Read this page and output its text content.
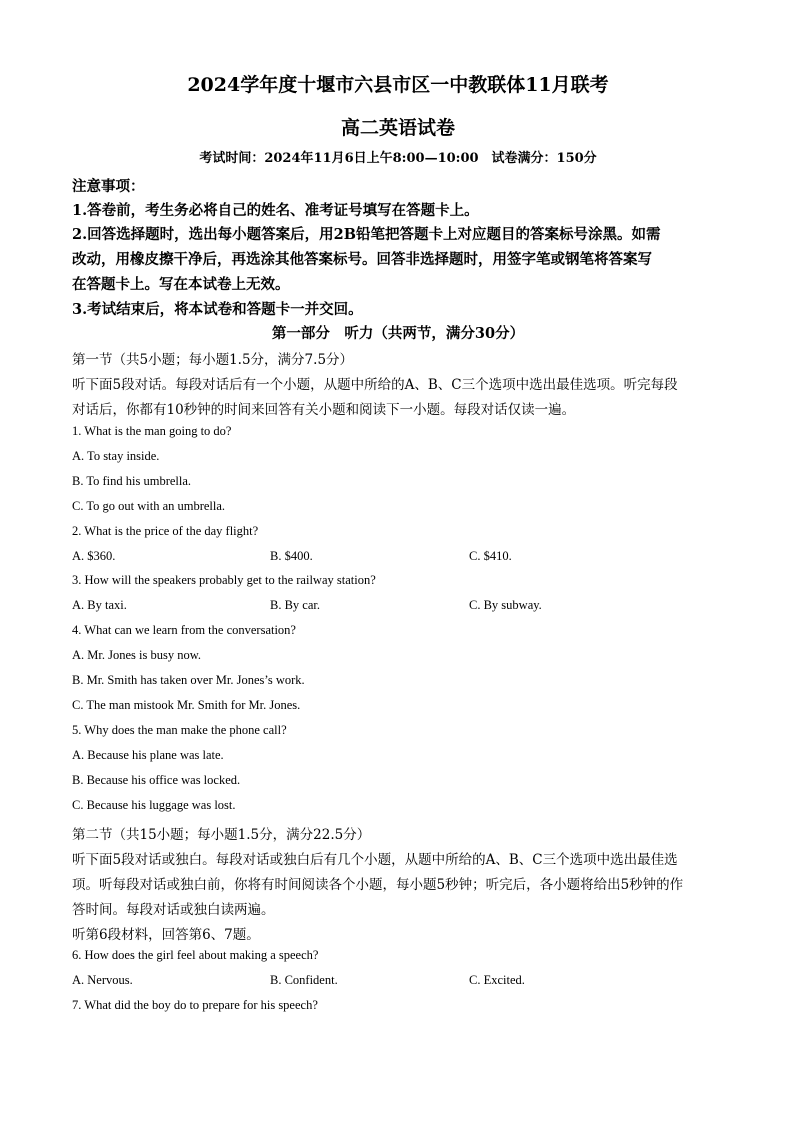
2024学年度十堰市六县市区一中教联体11月联考
高二英语试卷
考试时间：2024年11月6日上午8:00—10:00　试卷满分：150分
注意事项：
1.答卷前，考生务必将自己的姓名、准考证号填写在答题卡上。
2.回答选择题时，选出每小题答案后，用2B铅笔把答题卡上对应题目的答案标号涂黑。如需
改动，用橡皮擦干净后，再选涂其他答案标号。回答非选择题时，用签字笔或钢笔将答案写
在答题卡上。写在本试卷上无效。
3.考试结束后，将本试卷和答题卡一并交回。
第一部分　听力（共两节，满分30分）
第一节（共5小题；每小题1.5分，满分7.5分）
听下面5段对话。每段对话后有一个小题，从题中所给的A、B、C三个选项中选出最佳选项。听完每段
对话后，你都有10秒钟的时间来回答有关小题和阅读下一小题。每段对话仅读一遍。
1. What is the man going to do?
A. To stay inside.
B. To find his umbrella.
C. To go out with an umbrella.
2. What is the price of the day flight?
A. $360.	B. $400.	C. $410.
3. How will the speakers probably get to the railway station?
A. By taxi.	B. By car.	C. By subway.
4. What can we learn from the conversation?
A. Mr. Jones is busy now.
B. Mr. Smith has taken over Mr. Jones’s work.
C. The man mistook Mr. Smith for Mr. Jones.
5. Why does the man make the phone call?
A. Because his plane was late.
B. Because his office was locked.
C. Because his luggage was lost.
第二节（共15小题；每小题1.5分，满分22.5分）
听下面5段对话或独白。每段对话或独白后有几个小题，从题中所给的A、B、C三个选项中选出最佳选
项。听每段对话或独白前，你将有时间阅读各个小题，每小题5秒钟；听完后，各小题将给出5秒钟的作
答时间。每段对话或独白读两遍。
听第6段材料，回答第6、7题。
6. How does the girl feel about making a speech?
A. Nervous.	B. Confident.	C. Excited.
7. What did the boy do to prepare for his speech?
